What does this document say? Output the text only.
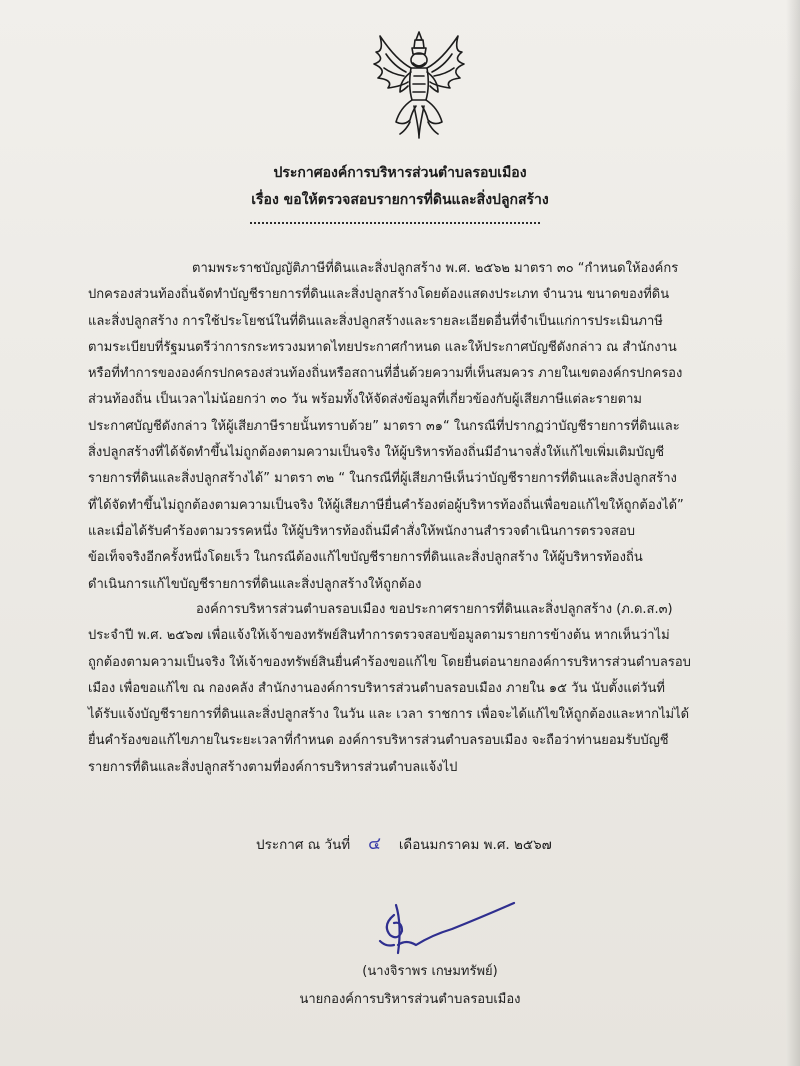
ประกาศองค์การบริหารส่วนตำบลรอบเมือง
เรื่อง ขอให้ตรวจสอบรายการที่ดินและสิ่งปลูกสร้าง
ตามพระราชบัญญัติภาษีที่ดินและสิ่งปลูกสร้าง พ.ศ. ๒๕๖๒ มาตรา ๓๐ “กำหนดให้องค์กร
ปกครองส่วนท้องถิ่นจัดทำบัญชีรายการที่ดินและสิ่งปลูกสร้างโดยต้องแสดงประเภท จำนวน ขนาดของที่ดิน
และสิ่งปลูกสร้าง การใช้ประโยชน์ในที่ดินและสิ่งปลูกสร้างและรายละเอียดอื่นที่จำเป็นแก่การประเมินภาษี
ตามระเบียบที่รัฐมนตรีว่าการกระทรวงมหาดไทยประกาศกำหนด และให้ประกาศบัญชีดังกล่าว ณ สำนักงาน
หรือที่ทำการขององค์กรปกครองส่วนท้องถิ่นหรือสถานที่อื่นด้วยความที่เห็นสมควร ภายในเขตองค์กรปกครอง
ส่วนท้องถิ่น เป็นเวลาไม่น้อยกว่า ๓๐ วัน พร้อมทั้งให้จัดส่งข้อมูลที่เกี่ยวข้องกับผู้เสียภาษีแต่ละรายตาม
ประกาศบัญชีดังกล่าว ให้ผู้เสียภาษีรายนั้นทราบด้วย” มาตรา ๓๑“ ในกรณีที่ปรากฏว่าบัญชีรายการที่ดินและ
สิ่งปลูกสร้างที่ได้จัดทำขึ้นไม่ถูกต้องตามความเป็นจริง ให้ผู้บริหารท้องถิ่นมีอำนาจสั่งให้แก้ไขเพิ่มเติมบัญชี
รายการที่ดินและสิ่งปลูกสร้างได้” มาตรา ๓๒ “ ในกรณีที่ผู้เสียภาษีเห็นว่าบัญชีรายการที่ดินและสิ่งปลูกสร้าง
ที่ได้จัดทำขึ้นไม่ถูกต้องตามความเป็นจริง ให้ผู้เสียภาษียื่นคำร้องต่อผู้บริหารท้องถิ่นเพื่อขอแก้ไขให้ถูกต้องได้”
และเมื่อได้รับคำร้องตามวรรคหนึ่ง ให้ผู้บริหารท้องถิ่นมีคำสั่งให้พนักงานสำรวจดำเนินการตรวจสอบ
ข้อเท็จจริงอีกครั้งหนึ่งโดยเร็ว ในกรณีต้องแก้ไขบัญชีรายการที่ดินและสิ่งปลูกสร้าง ให้ผู้บริหารท้องถิ่น
ดำเนินการแก้ไขบัญชีรายการที่ดินและสิ่งปลูกสร้างให้ถูกต้อง
องค์การบริหารส่วนตำบลรอบเมือง ขอประกาศรายการที่ดินและสิ่งปลูกสร้าง (ภ.ด.ส.๓)
ประจำปี พ.ศ. ๒๕๖๗ เพื่อแจ้งให้เจ้าของทรัพย์สินทำการตรวจสอบข้อมูลตามรายการข้างต้น หากเห็นว่าไม่
ถูกต้องตามความเป็นจริง ให้เจ้าของทรัพย์สินยื่นคำร้องขอแก้ไข โดยยื่นต่อนายกองค์การบริหารส่วนตำบลรอบ
เมือง เพื่อขอแก้ไข ณ กองคลัง สำนักงานองค์การบริหารส่วนตำบลรอบเมือง ภายใน ๑๕ วัน นับตั้งแต่วันที่
ได้รับแจ้งบัญชีรายการที่ดินและสิ่งปลูกสร้าง ในวัน และ เวลา ราชการ เพื่อจะได้แก้ไขให้ถูกต้องและหากไม่ได้
ยื่นคำร้องขอแก้ไขภายในระยะเวลาที่กำหนด องค์การบริหารส่วนตำบลรอบเมือง จะถือว่าท่านยอมรับบัญชี
รายการที่ดินและสิ่งปลูกสร้างตามที่องค์การบริหารส่วนตำบลแจ้งไป
ประกาศ ณ วันที่ ๔ เดือนมกราคม พ.ศ. ๒๕๖๗
(นางจิราพร เกษมทรัพย์)
นายกองค์การบริหารส่วนตำบลรอบเมือง
